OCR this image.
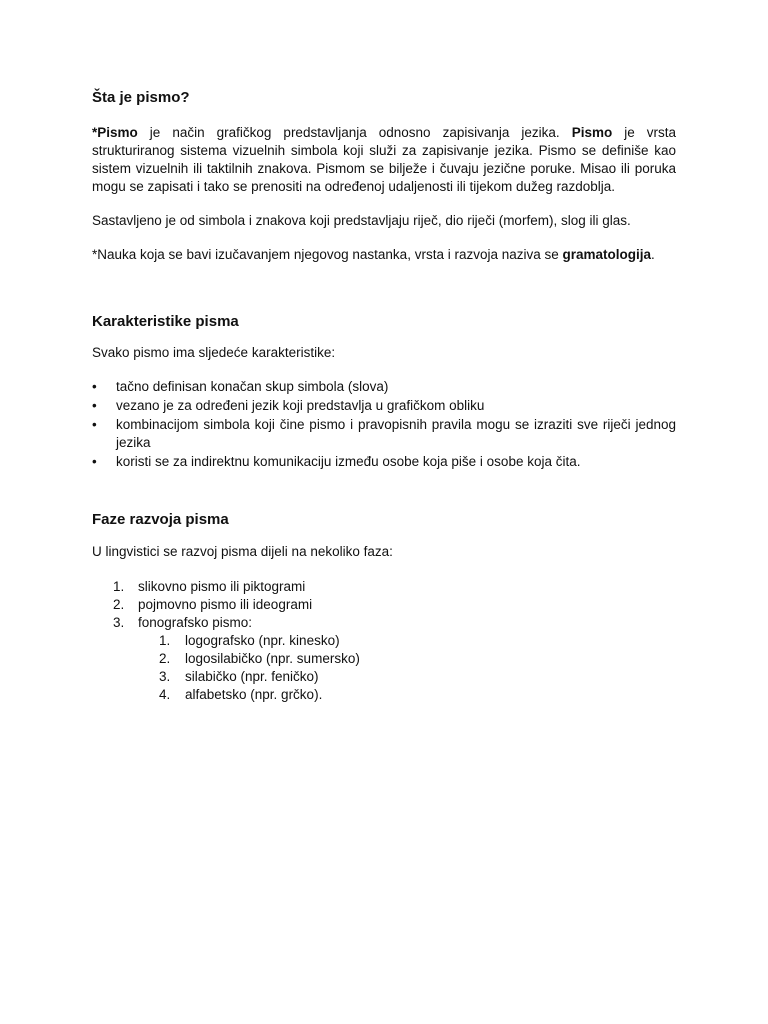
Šta je pismo?

*Pismo je način grafičkog predstavljanja odnosno zapisivanja jezika. Pismo je vrsta strukturiranog sistema vizuelnih simbola koji služi za zapisivanje jezika. Pismo se definiše kao sistem vizuelnih ili taktilnih znakova. Pismom se bilježe i čuvaju jezične poruke. Misao ili poruka mogu se zapisati i tako se prenositi na određenoj udaljenosti ili tijekom dužeg razdoblja.

Sastavljeno je od simbola i znakova koji predstavljaju riječ, dio riječi (morfem), slog ili glas.

*Nauka koja se bavi izučavanjem njegovog nastanka, vrsta i razvoja naziva se gramatologija.

Karakteristike pisma

Svako pismo ima sljedeće karakteristike:

•	tačno definisan konačan skup simbola (slova)
•	vezano je za određeni jezik koji predstavlja u grafičkom obliku
•	kombinacijom simbola koji čine pismo i pravopisnih pravila mogu se izraziti sve riječi jednog jezika
•	koristi se za indirektnu komunikaciju između osobe koja piše i osobe koja čita.
Faze razvoja pisma

U lingvistici se razvoj pisma dijeli na nekoliko faza:

1. slikovno pismo ili piktogrami
2. pojmovno pismo ili ideogrami
3. fonografsko pismo:
1. logografsko (npr. kinesko)
2. logosilabičko (npr. sumersko)
3. silabičko (npr. feničko)
4. alfabetsko (npr. grčko).
